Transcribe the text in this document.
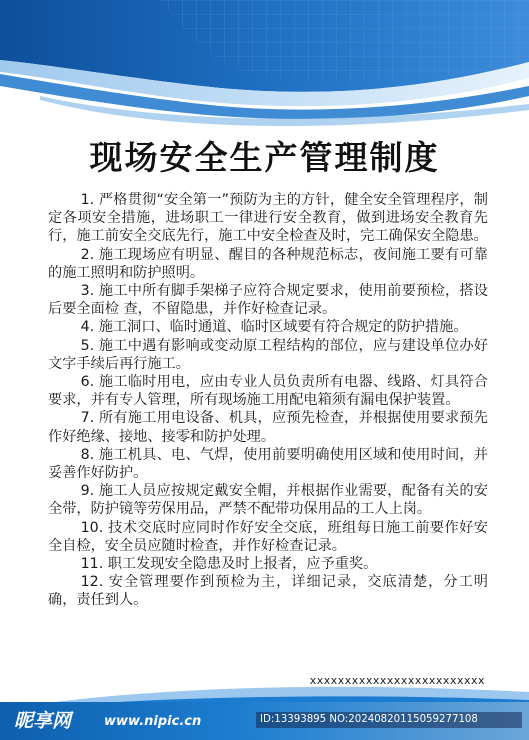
现场安全生产管理制度
1. 严格贯彻“安全第一”预防为主的方针，健全安全管理程序，制定各项安全措施，进场职工一律进行安全教育，做到进场安全教育先行，施工前安全交底先行，施工中安全检查及时，完工确保安全隐患。
2. 施工现场应有明显、醒目的各种规范标志，夜间施工要有可靠的施工照明和防护照明。
3. 施工中所有脚手架梯子应符合规定要求，使用前要预检，搭设后要全面检 查，不留隐患，并作好检查记录。
4. 施工洞口、临时通道、临时区域要有符合规定的防护措施。
5. 施工中遇有影响或变动原工程结构的部位，应与建设单位办好文字手续后再行施工。
6. 施工临时用电，应由专业人员负责所有电器、线路、灯具符合要求，并有专人管理，所有现场施工用配电箱须有漏电保护装置。
7. 所有施工用电设备、机具，应预先检查，并根据使用要求预先作好绝缘、接地、接零和防护处理。
8. 施工机具、电、气焊，使用前要明确使用区域和使用时间，并妥善作好防护。
9. 施工人员应按规定戴安全帽，并根据作业需要，配备有关的安全带，防护镜等劳保用品，严禁不配带功保用品的工人上岗。
10. 技术交底时应同时作好安全交底，班组每日施工前要作好安全自检，安全员应随时检查，并作好检查记录。
11. 职工发现安全隐患及时上报者，应予重奖。
12. 安全管理要作到预检为主，详细记录，交底清楚，分工明确，责任到人。
xxxxxxxxxxxxxxxxxxxxxxxxx
昵享网	www.nipic.cn	ID:13393895 NO:20240820115059277108
